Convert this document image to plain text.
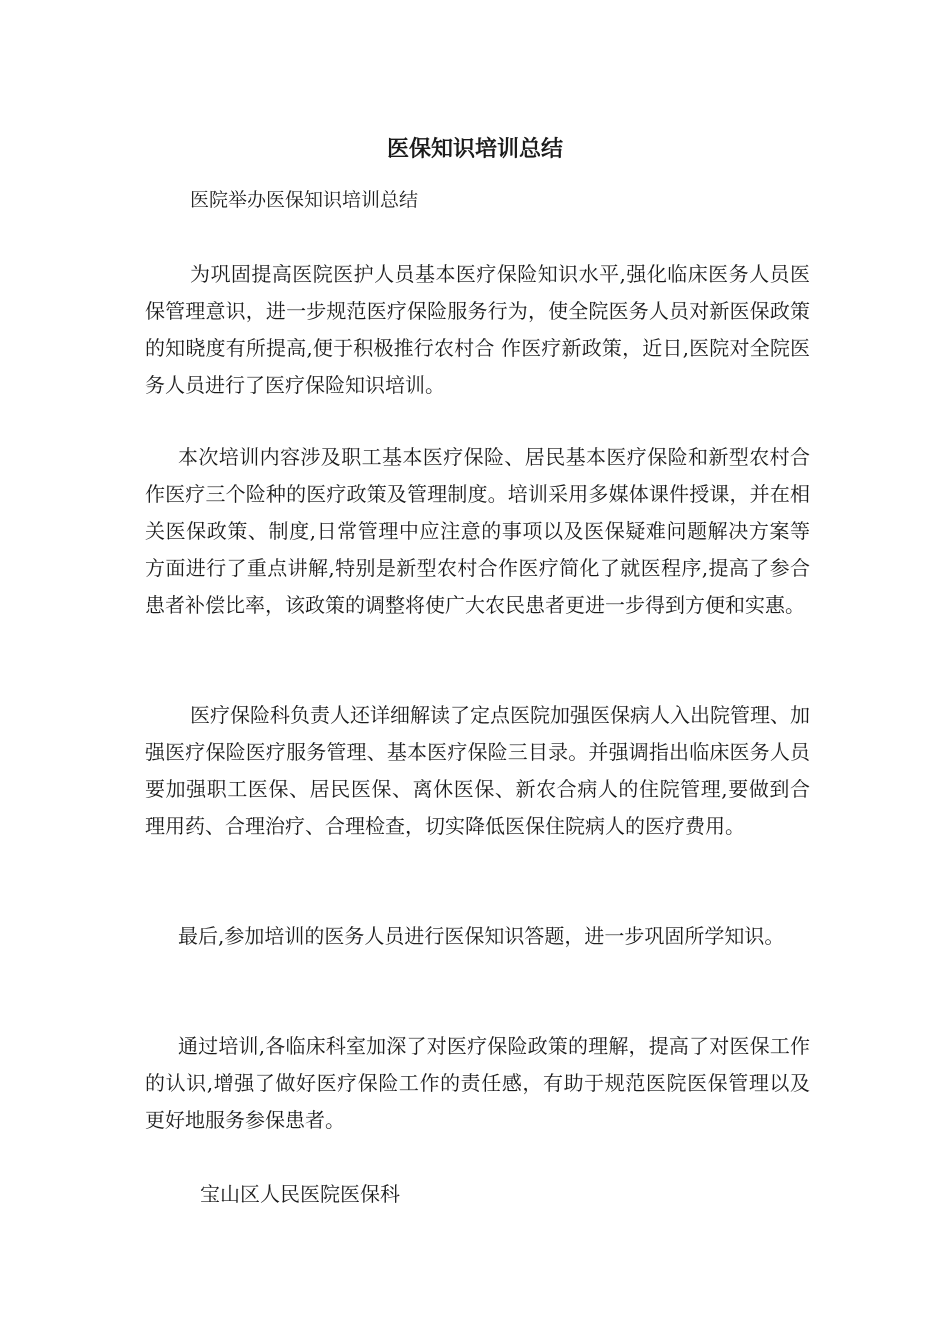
医保知识培训总结
医院举办医保知识培训总结

为巩固提高医院医护人员基本医疗保险知识水平,强化临床医务人员医保管理意识，进一步规范医疗保险服务行为，使全院医务人员对新医保政策的知晓度有所提高,便于积极推行农村合 作医疗新政策，近日,医院对全院医务人员进行了医疗保险知识培训。

本次培训内容涉及职工基本医疗保险、居民基本医疗保险和新型农村合作医疗三个险种的医疗政策及管理制度。培训采用多媒体课件授课，并在相关医保政策、制度,日常管理中应注意的事项以及医保疑难问题解决方案等方面进行了重点讲解,特别是新型农村合作医疗简化了就医程序,提高了参合患者补偿比率，该政策的调整将使广大农民患者更进一步得到方便和实惠。

医疗保险科负责人还详细解读了定点医院加强医保病人入出院管理、加强医疗保险医疗服务管理、基本医疗保险三目录。并强调指出临床医务人员要加强职工医保、居民医保、离休医保、新农合病人的住院管理,要做到合理用药、合理治疗、合理检查，切实降低医保住院病人的医疗费用。

最后,参加培训的医务人员进行医保知识答题，进一步巩固所学知识。

通过培训,各临床科室加深了对医疗保险政策的理解，提高了对医保工作的认识,增强了做好医疗保险工作的责任感，有助于规范医院医保管理以及更好地服务参保患者。

宝山区人民医院医保科
